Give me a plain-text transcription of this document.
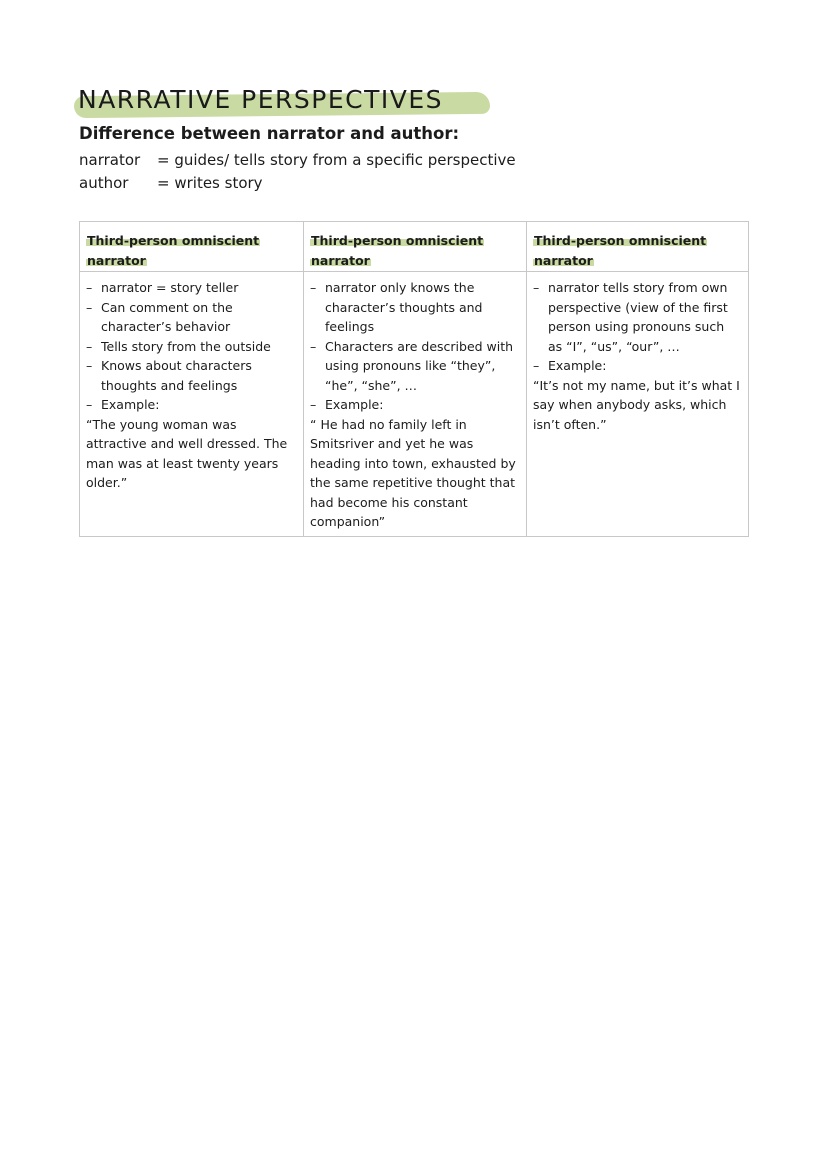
NARRATIVE PERSPECTIVES
Difference between narrator and author:
narrator	= guides/ tells story from a specific perspective
author	= writes story
Third-person omniscient
narrator
Third-person omniscient
narrator
Third-person omniscient
narrator
– narrator = story teller
– Can comment on the character’s behavior
– Tells story from the outside
– Knows about characters thoughts and feelings
– Example:
“The young woman was attractive and well dressed. The man was at least twenty years older.”
– narrator only knows the character’s thoughts and feelings
– Characters are described with using pronouns like “they”, “he”, “she”, …
– Example:
“ He had no family left in Smitsriver and yet he was heading into town, exhausted by the same repetitive thought that had become his constant companion”
– narrator tells story from own perspective (view of the first person using pronouns such as “I”, “us”, “our”, …
– Example:
“It’s not my name, but it’s what I say when anybody asks, which isn’t often.”
